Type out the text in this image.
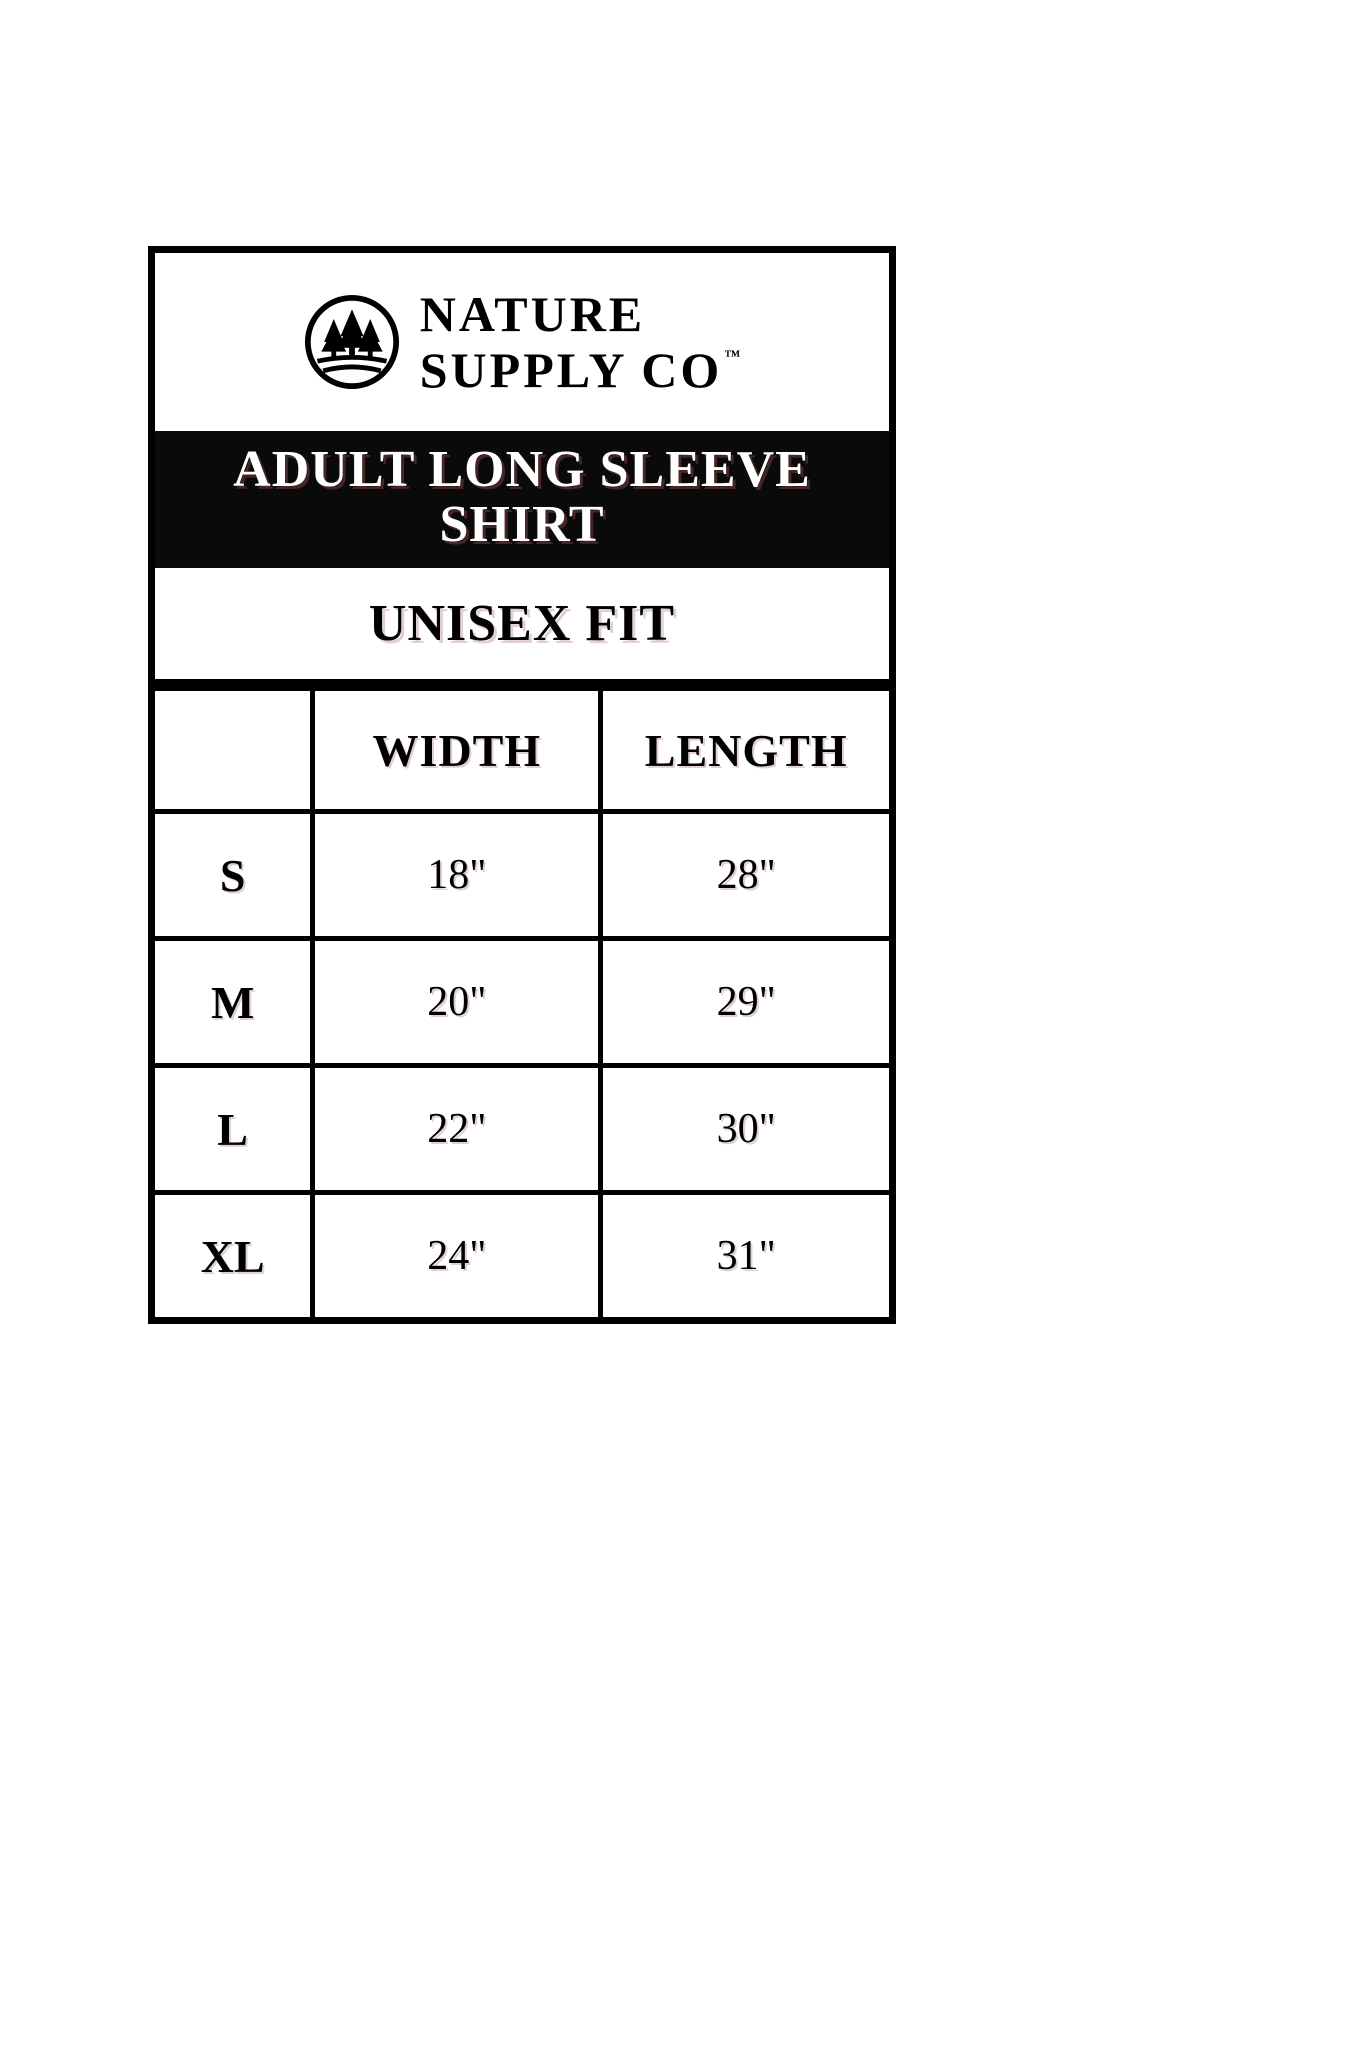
NATURE
SUPPLY CO ™
ADULT LONG SLEEVE SHIRT
UNISEX FIT
	WIDTH	LENGTH
S	18"	28"
M	20"	29"
L	22"	30"
XL	24"	31"
